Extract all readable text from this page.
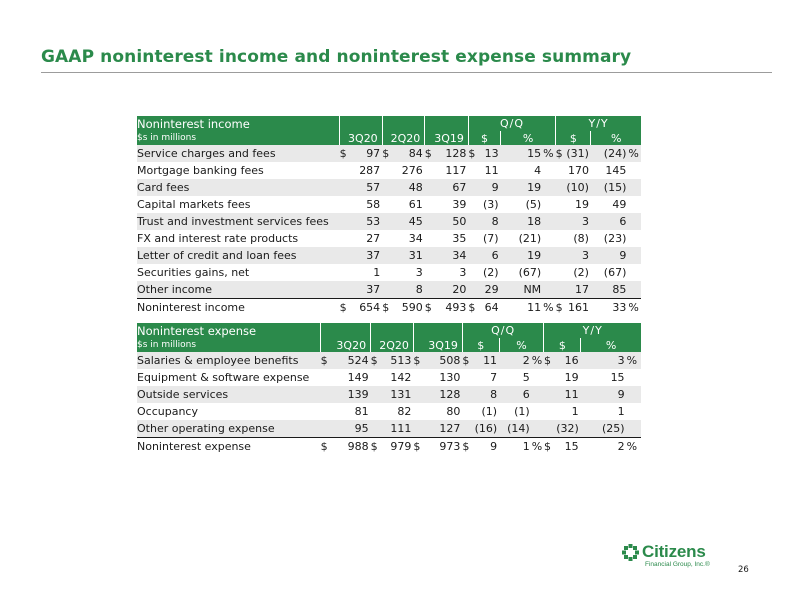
GAAP noninterest income and noninterest expense summary
Noninterest income							Q/Q				Y/Y			
$s in millions	3Q20		2Q20		3Q19		$		%		$		%	
Service charges and fees	$	97	$	84	$	128	$	13	15	%	$	(31)	(24)	%
Mortgage banking fees		287		276		117		11	4			170	145	
Card fees		57		48		67		9	19			(10)	(15)	
Capital markets fees		58		61		39		(3)	(5)			19	49	
Trust and investment services fees		53		45		50		8	18			3	6	
FX and interest rate products		27		34		35		(7)	(21)			(8)	(23)	
Letter of credit and loan fees		37		31		34		6	19			3	9	
Securities gains, net		1		3		3		(2)	(67)			(2)	(67)	
Other income		37		8		20		29	NM			17	85	
Noninterest income	$	654	$	590	$	493	$	64	11	%	$	161	33	%
Noninterest expense							Q/Q				Y/Y			
$s in millions	3Q20		2Q20		3Q19		$		%		$		%	
Salaries & employee benefits	$	524	$	513	$	508	$	11	2	%	$	16	3	%
Equipment & software expense		149		142		130		7	5			19	15	
Outside services		139		131		128		8	6			11	9	
Occupancy		81		82		80		(1)	(1)			1	1	
Other operating expense		95		111		127		(16)	(14)			(32)	(25)	
Noninterest expense	$	988	$	979	$	973	$	9	1	%	$	15	2	%
Citizens
Financial Group, Inc.®
26
